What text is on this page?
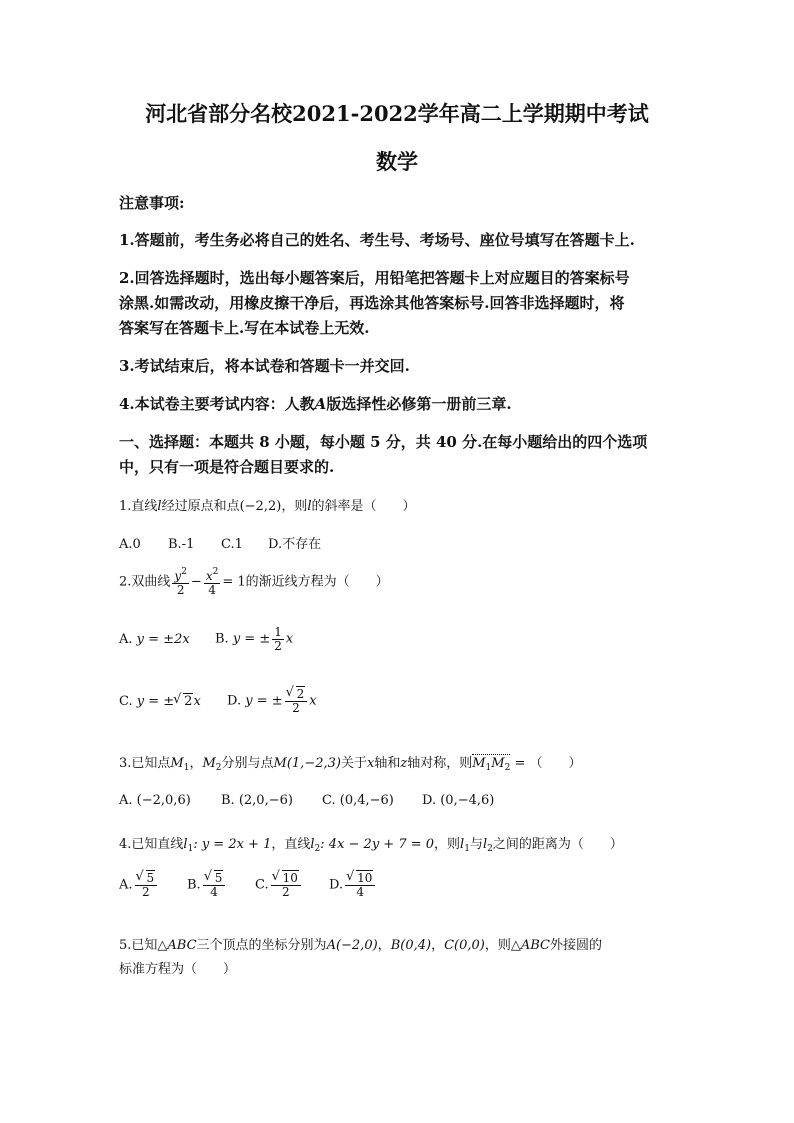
河北省部分名校2021-2022学年高二上学期期中考试
数学
注意事项:
1.答题前，考生务必将自己的姓名、考生号、考场号、座位号填写在答题卡上.
2.回答选择题时，选出每小题答案后，用铅笔把答题卡上对应题目的答案标号
涂黑.如需改动，用橡皮擦干净后，再选涂其他答案标号.回答非选择题时，将
答案写在答题卡上.写在本试卷上无效.
3.考试结束后，将本试卷和答题卡一并交回.
4.本试卷主要考试内容：人教A版选择性必修第一册前三章.
一、选择题：本题共 8 小题，每小题 5 分，共 40 分.在每小题给出的四个选项
中，只有一项是符合题目要求的.
1.直线l经过原点和点(−2,2)，则l的斜率是（　　）
A.0 B.-1 C.1 D.不存在
2.双曲线 $\frac{y^2}{2} - \frac{x^2}{4} = 1$的渐近线方程为（　　）
A. y = ±2x B. y = ± $\frac{1}{2}$ x
C. y = ± √ 2x D. y = ± √ $\frac{2}{2}$ x
3.已知点$M_1$，$M_2$分别与点M(1,−2,3)关于x轴和z轴对称，则$M_1M_2$ = （　　）
A. (−2,0,6) B. (2,0,−6) C. (0,4,−6) D. (0,−4,6)
4.已知直线$l_1$: y = 2x + 1，直线$l_2$: 4x − 2y + 7 = 0，则$l_1$与$l_2$之间的距离为（　　）
A. √ $\frac{5}{2} B$. √ $\frac{5}{4} C$. √ $\frac{10}{2} D$. √ $\frac{10}{4}$
5.已知△ABC三个顶点的坐标分别为A(−2,0)，B(0,4)，C(0,0)，则△ABC外接圆的
标准方程为（　　）
